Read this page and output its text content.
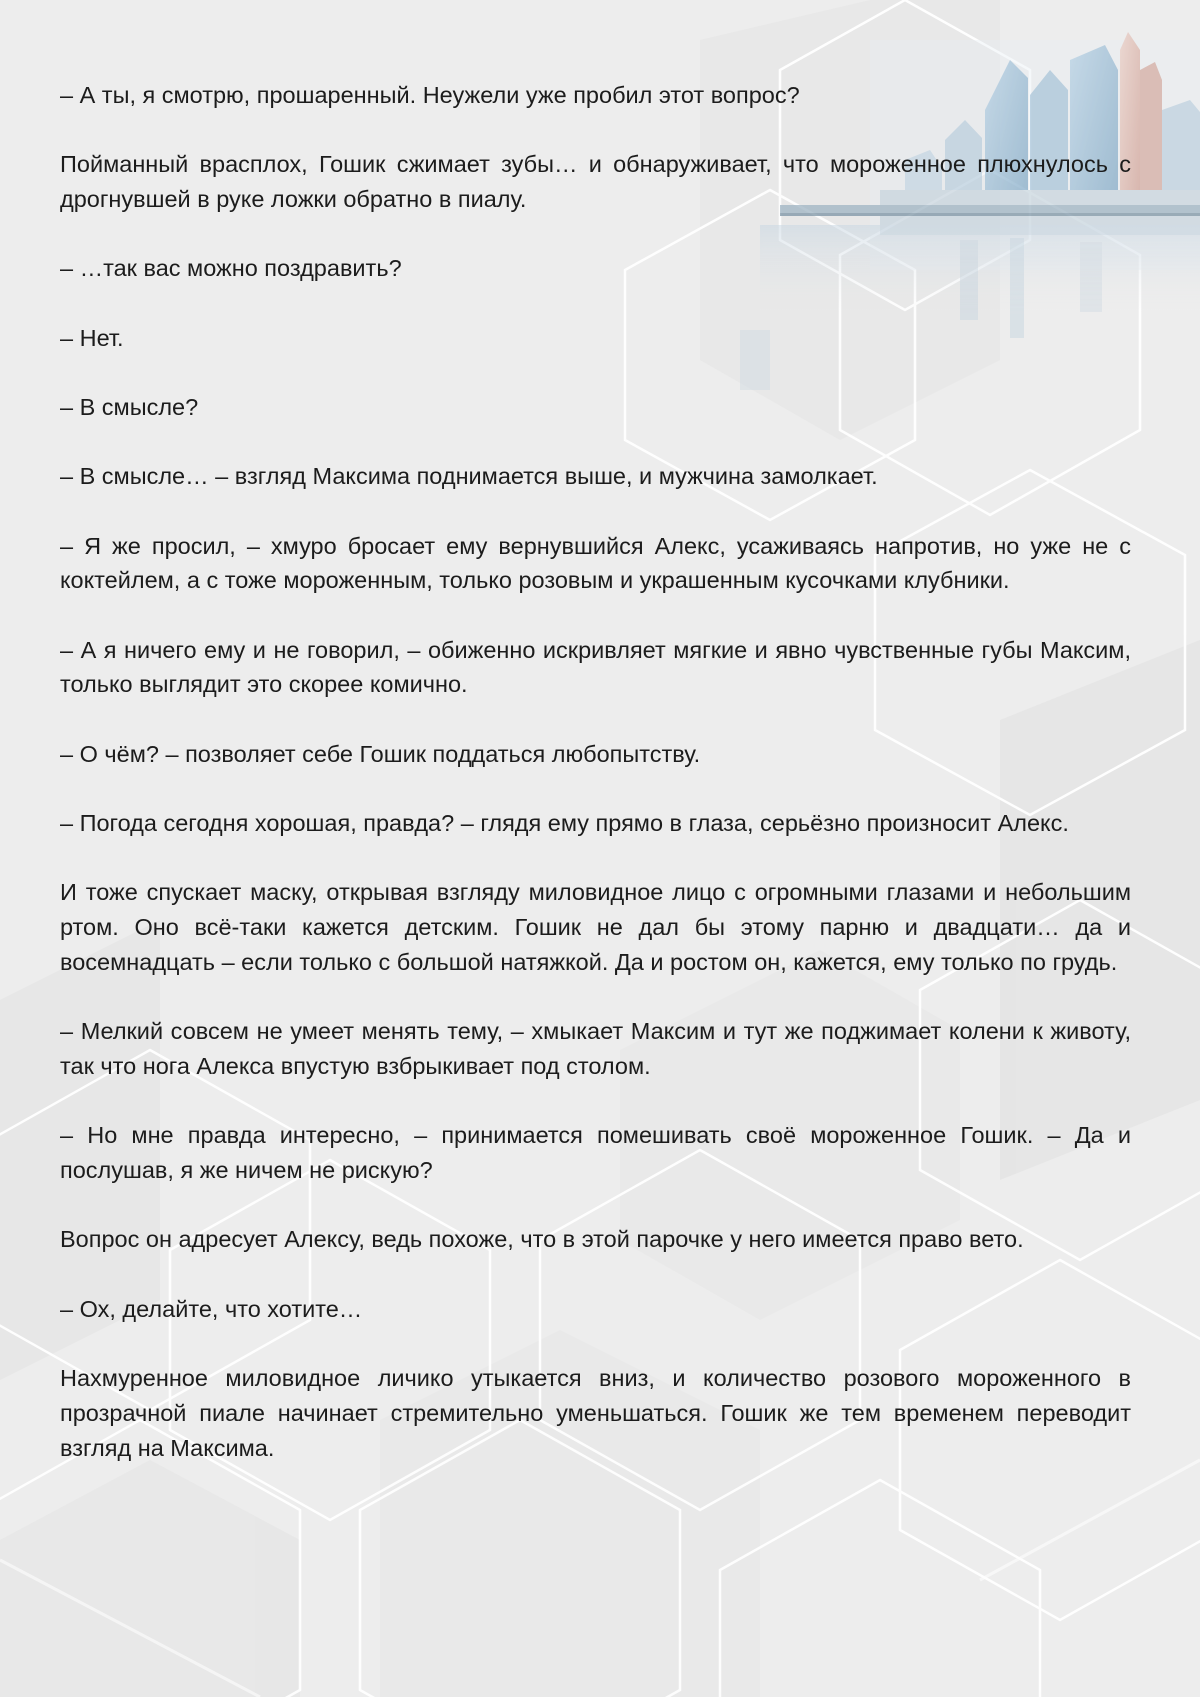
– А ты, я смотрю, прошаренный. Неужели уже пробил этот вопрос?

Пойманный врасплох, Гошик сжимает зубы… и обнаруживает, что мороженное плюхнулось с дрогнувшей в руке ложки обратно в пиалу.

– …так вас можно поздравить?

– Нет.

– В смысле?

– В смысле… – взгляд Максима поднимается выше, и мужчина замолкает.

– Я же просил, – хмуро бросает ему вернувшийся Алекс, усаживаясь напротив, но уже не с коктейлем, а с тоже мороженным, только розовым и украшенным кусочками клубники.

– А я ничего ему и не говорил, – обиженно искривляет мягкие и явно чувственные губы Максим, только выглядит это скорее комично.

– О чём? – позволяет себе Гошик поддаться любопытству.

– Погода сегодня хорошая, правда? – глядя ему прямо в глаза, серьёзно произносит Алекс.

И тоже спускает маску, открывая взгляду миловидное лицо с огромными глазами и небольшим ртом. Оно всё-таки кажется детским. Гошик не дал бы этому парню и двадцати… да и восемнадцать – если только с большой натяжкой. Да и ростом он, кажется, ему только по грудь.

– Мелкий совсем не умеет менять тему, – хмыкает Максим и тут же поджимает колени к животу, так что нога Алекса впустую взбрыкивает под столом.

– Но мне правда интересно, – принимается помешивать своё мороженное Гошик. – Да и послушав, я же ничем не рискую?

Вопрос он адресует Алексу, ведь похоже, что в этой парочке у него имеется право вето.

– Ох, делайте, что хотите…

Нахмуренное миловидное личико утыкается вниз, и количество розового мороженного в прозрачной пиале начинает стремительно уменьшаться. Гошик же тем временем переводит взгляд на Максима.
